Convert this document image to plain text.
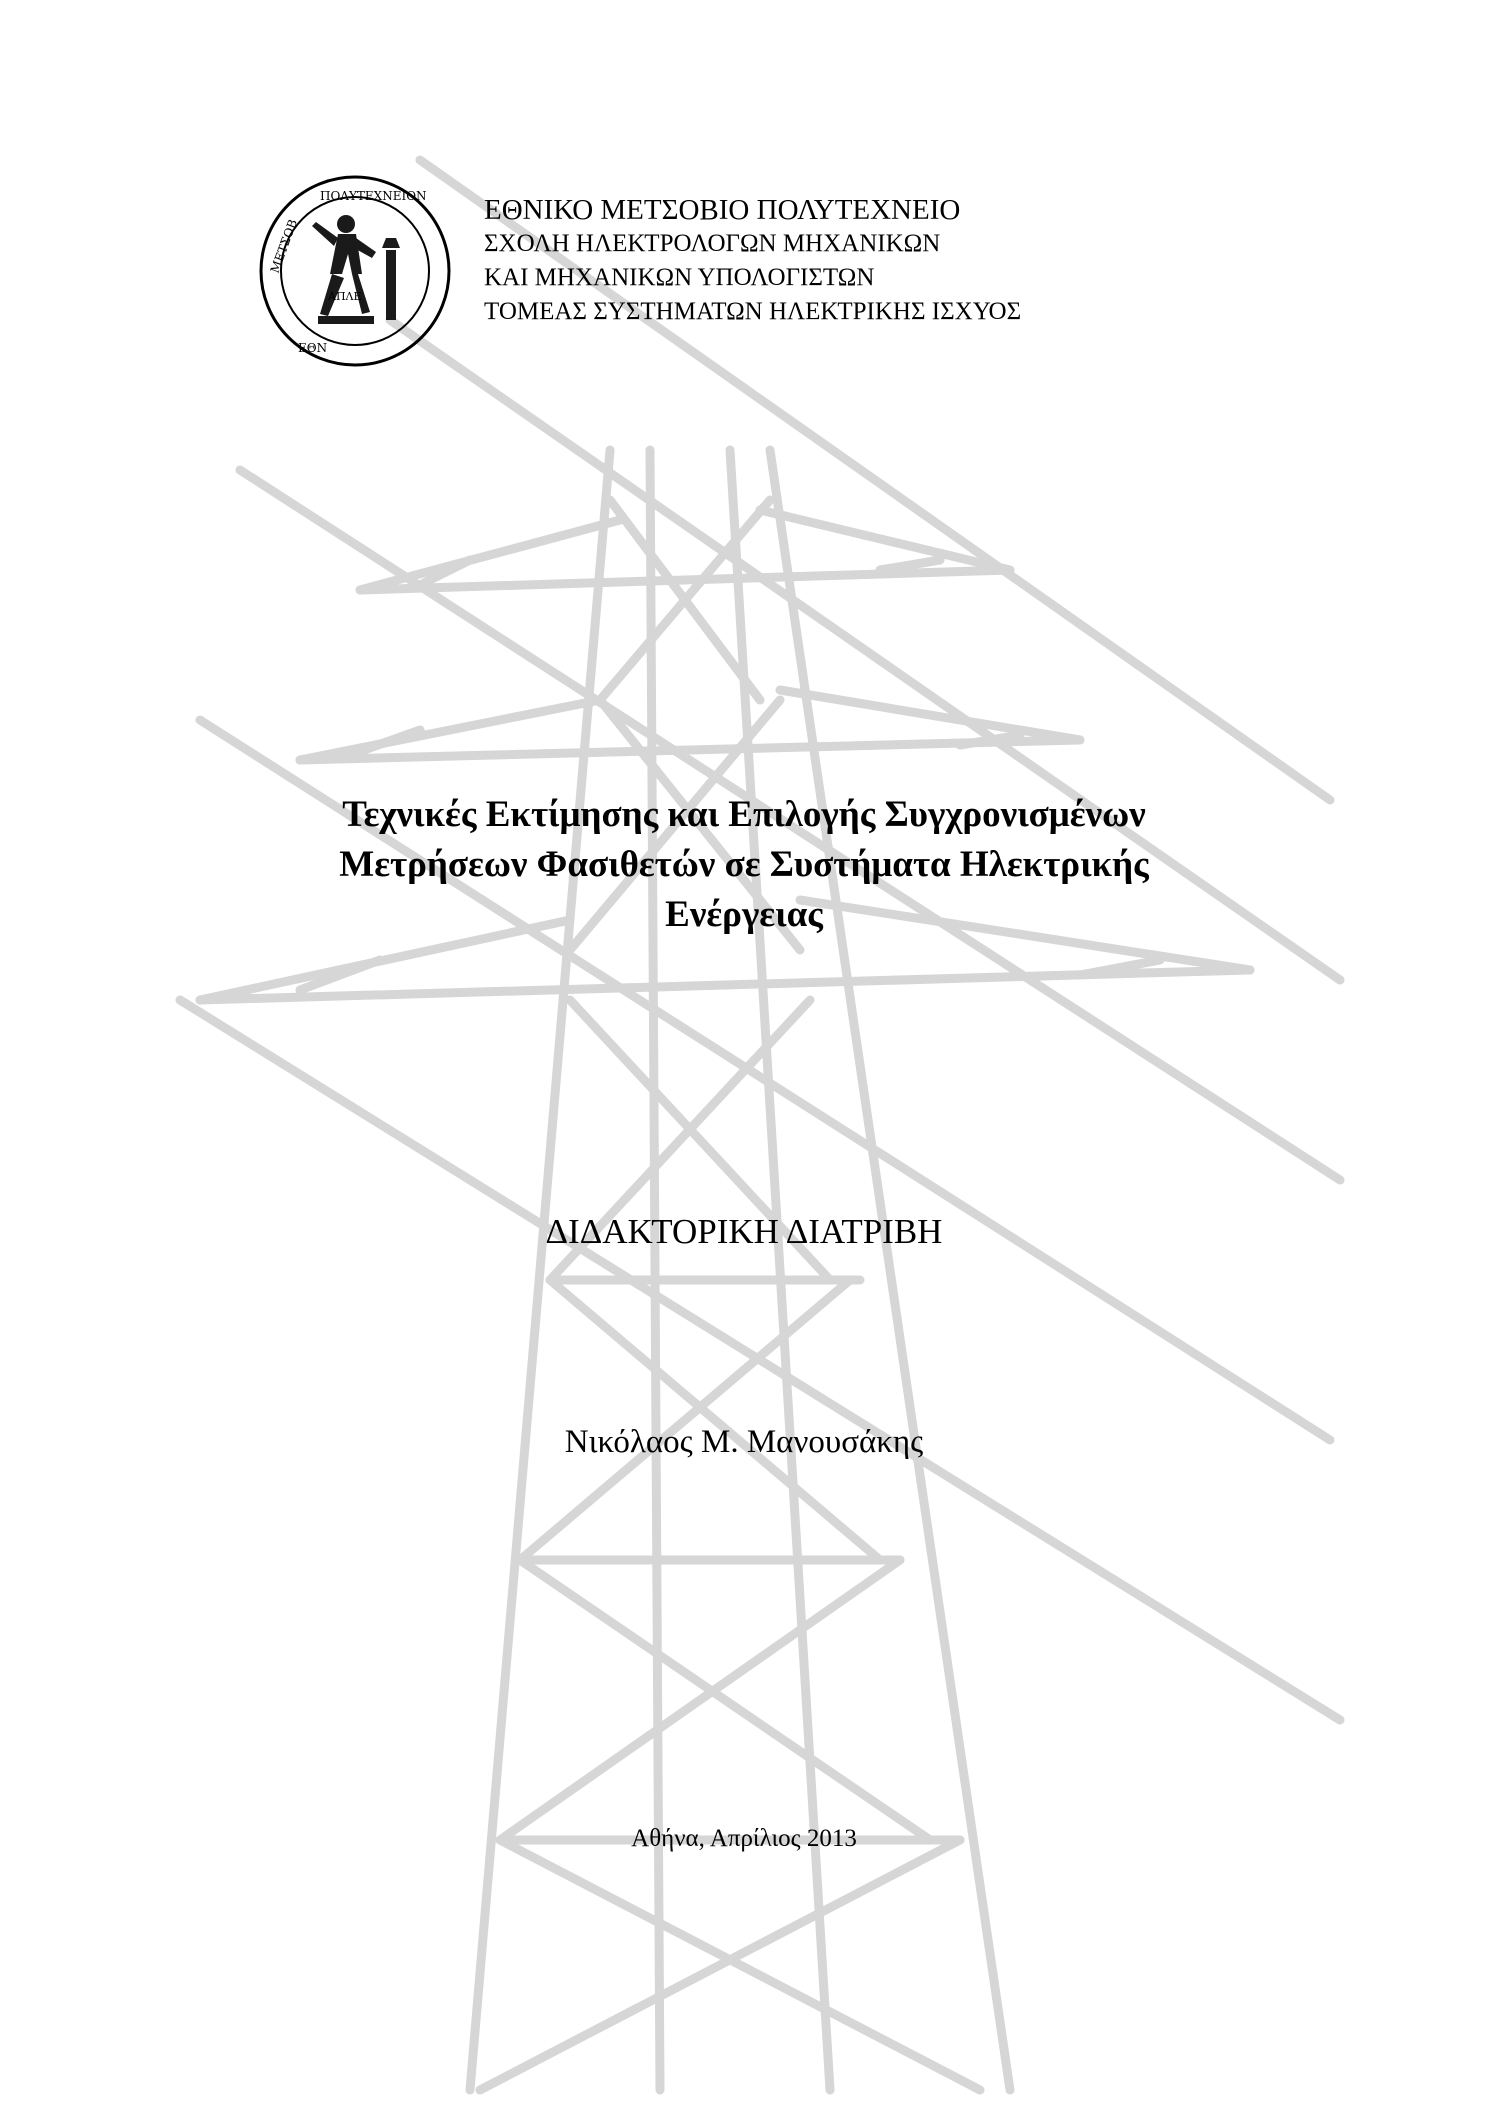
ΠΟΛΥΤΕΧΝΕΙΟΝ
ΜΕΤΣΟΒ
ΕΘΝ
ΑΠΛΕ
ΕΘΝΙΚΟ ΜΕΤΣΟΒΙΟ ΠΟΛΥΤΕΧΝΕΙΟ
ΣΧΟΛΗ ΗΛΕΚΤΡΟΛΟΓΩΝ ΜΗΧΑΝΙΚΩΝ
ΚΑΙ ΜΗΧΑΝΙΚΩΝ ΥΠΟΛΟΓΙΣΤΩΝ
ΤΟΜΕΑΣ ΣΥΣΤΗΜΑΤΩΝ ΗΛΕΚΤΡΙΚΗΣ ΙΣΧΥΟΣ
Τεχνικές Εκτίμησης και Επιλογής Συγχρονισμένων
Μετρήσεων Φασιθετών σε Συστήματα Ηλεκτρικής
Ενέργειας
ΔΙΔΑΚΤΟΡΙΚΗ ΔΙΑΤΡΙΒΗ
Νικόλαος Μ. Μανουσάκης
Αθήνα, Απρίλιος 2013
